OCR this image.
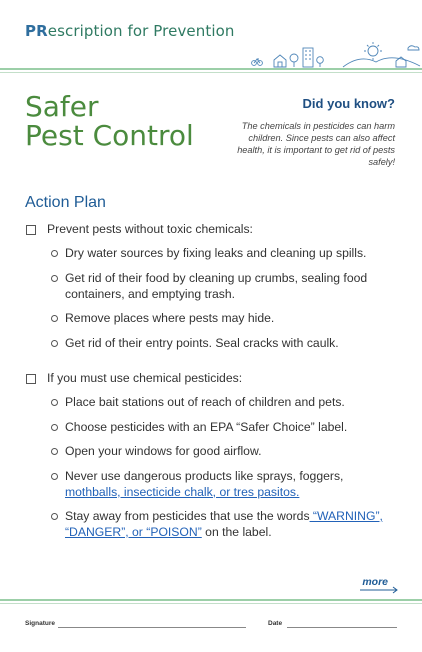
PRescription for Prevention
Safer
Pest Control
Did you know?
The chemicals in pesticides can harm children. Since pests can also affect health, it is important to get rid of pests safely!
Action Plan
Prevent pests without toxic chemicals:
Dry water sources by fixing leaks and cleaning up spills.
Get rid of their food by cleaning up crumbs, sealing food containers, and emptying trash.
Remove places where pests may hide.
Get rid of their entry points. Seal cracks with caulk.
If you must use chemical pesticides:
Place bait stations out of reach of children and pets.
Choose pesticides with an EPA “Safer Choice” label.
Open your windows for good airflow.
Never use dangerous products like sprays, foggers, mothballs, insecticide chalk, or tres pasitos.
Stay away from pesticides that use the words “WARNING”, “DANGER”, or “POISON” on the label.
more
Signature	Date
